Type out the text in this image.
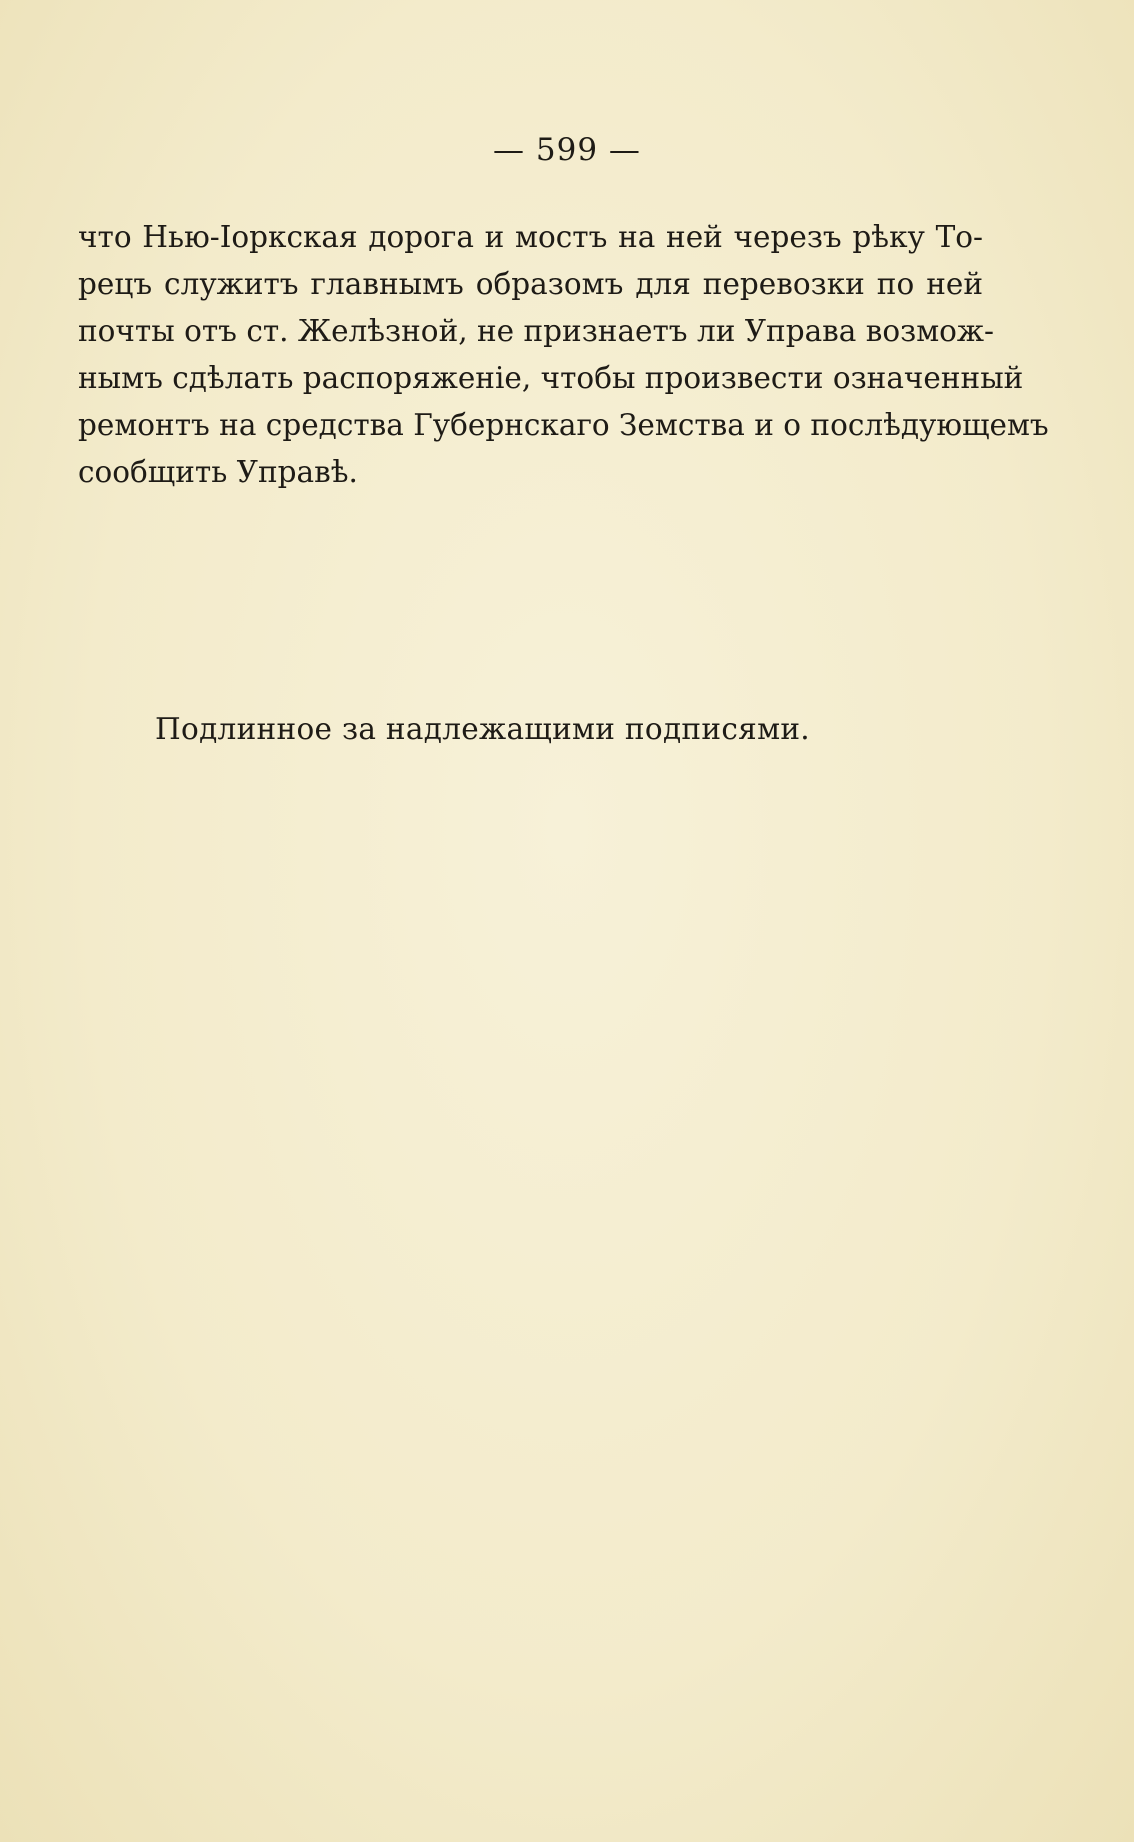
— 599 —
что Нью-Іоркская дорога и мостъ на ней черезъ рѣку То-
рецъ служитъ главнымъ образомъ для перевозки по ней
почты отъ ст. Желѣзной, не признаетъ ли Управа возмож-
нымъ сдѣлать распоряженіе, чтобы произвести означенный
ремонтъ на средства Губернскаго Земства и о послѣдующемъ
сообщить Управѣ.
Подлинное за надлежащими подписями.
